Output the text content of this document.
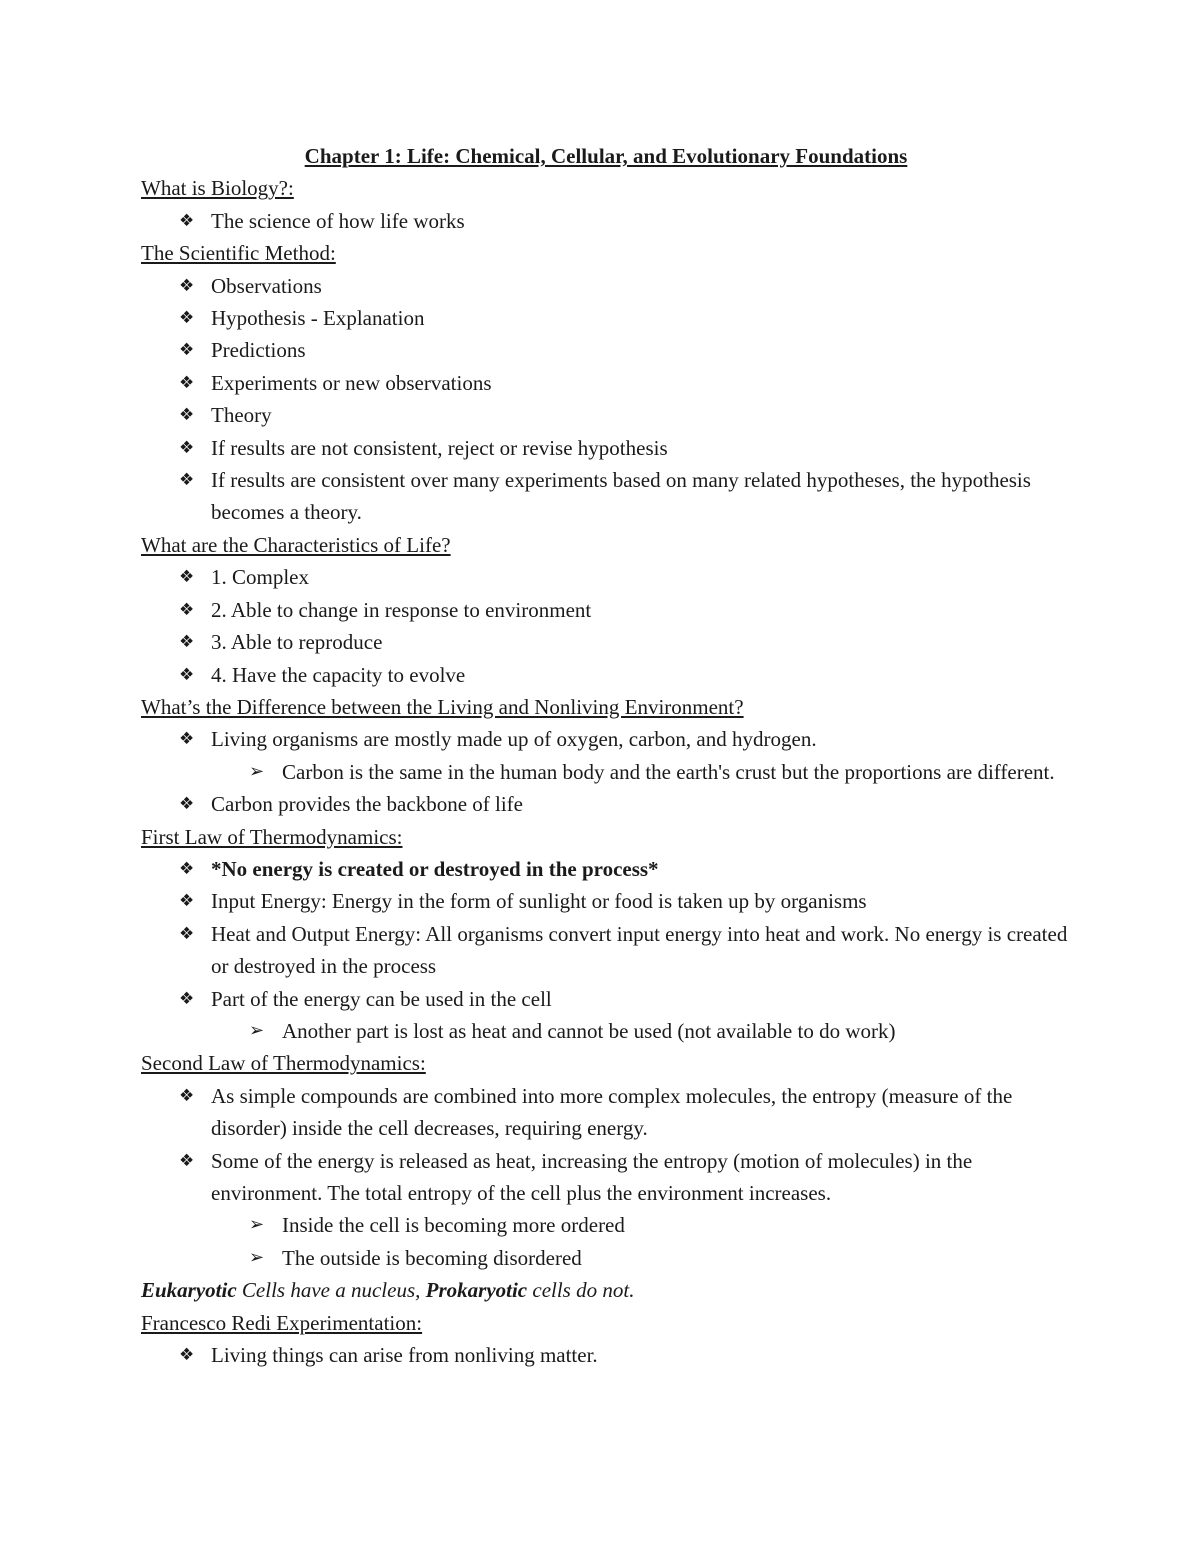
Chapter 1: Life: Chemical, Cellular, and Evolutionary Foundations

What is Biology?:

❖ The science of how life works

The Scientific Method:

❖ Observations
❖ Hypothesis - Explanation
❖ Predictions
❖ Experiments or new observations
❖ Theory
❖ If results are not consistent, reject or revise hypothesis
❖ If results are consistent over many experiments based on many related hypotheses, the hypothesis becomes a theory.

What are the Characteristics of Life?

❖ 1. Complex
❖ 2. Able to change in response to environment
❖ 3. Able to reproduce
❖ 4. Have the capacity to evolve

What’s the Difference between the Living and Nonliving Environment?

❖ Living organisms are mostly made up of oxygen, carbon, and hydrogen.
➢ Carbon is the same in the human body and the earth's crust but the proportions are different.
❖ Carbon provides the backbone of life

First Law of Thermodynamics:

❖ *No energy is created or destroyed in the process*
❖ Input Energy: Energy in the form of sunlight or food is taken up by organisms
❖ Heat and Output Energy: All organisms convert input energy into heat and work. No energy is created or destroyed in the process
❖ Part of the energy can be used in the cell
➢ Another part is lost as heat and cannot be used (not available to do work)

Second Law of Thermodynamics:

❖ As simple compounds are combined into more complex molecules, the entropy (measure of the disorder) inside the cell decreases, requiring energy.
❖ Some of the energy is released as heat, increasing the entropy (motion of molecules) in the environment. The total entropy of the cell plus the environment increases.
➢ Inside the cell is becoming more ordered
➢ The outside is becoming disordered

Eukaryotic Cells have a nucleus, Prokaryotic cells do not.

Francesco Redi Experimentation:

❖ Living things can arise from nonliving matter.
